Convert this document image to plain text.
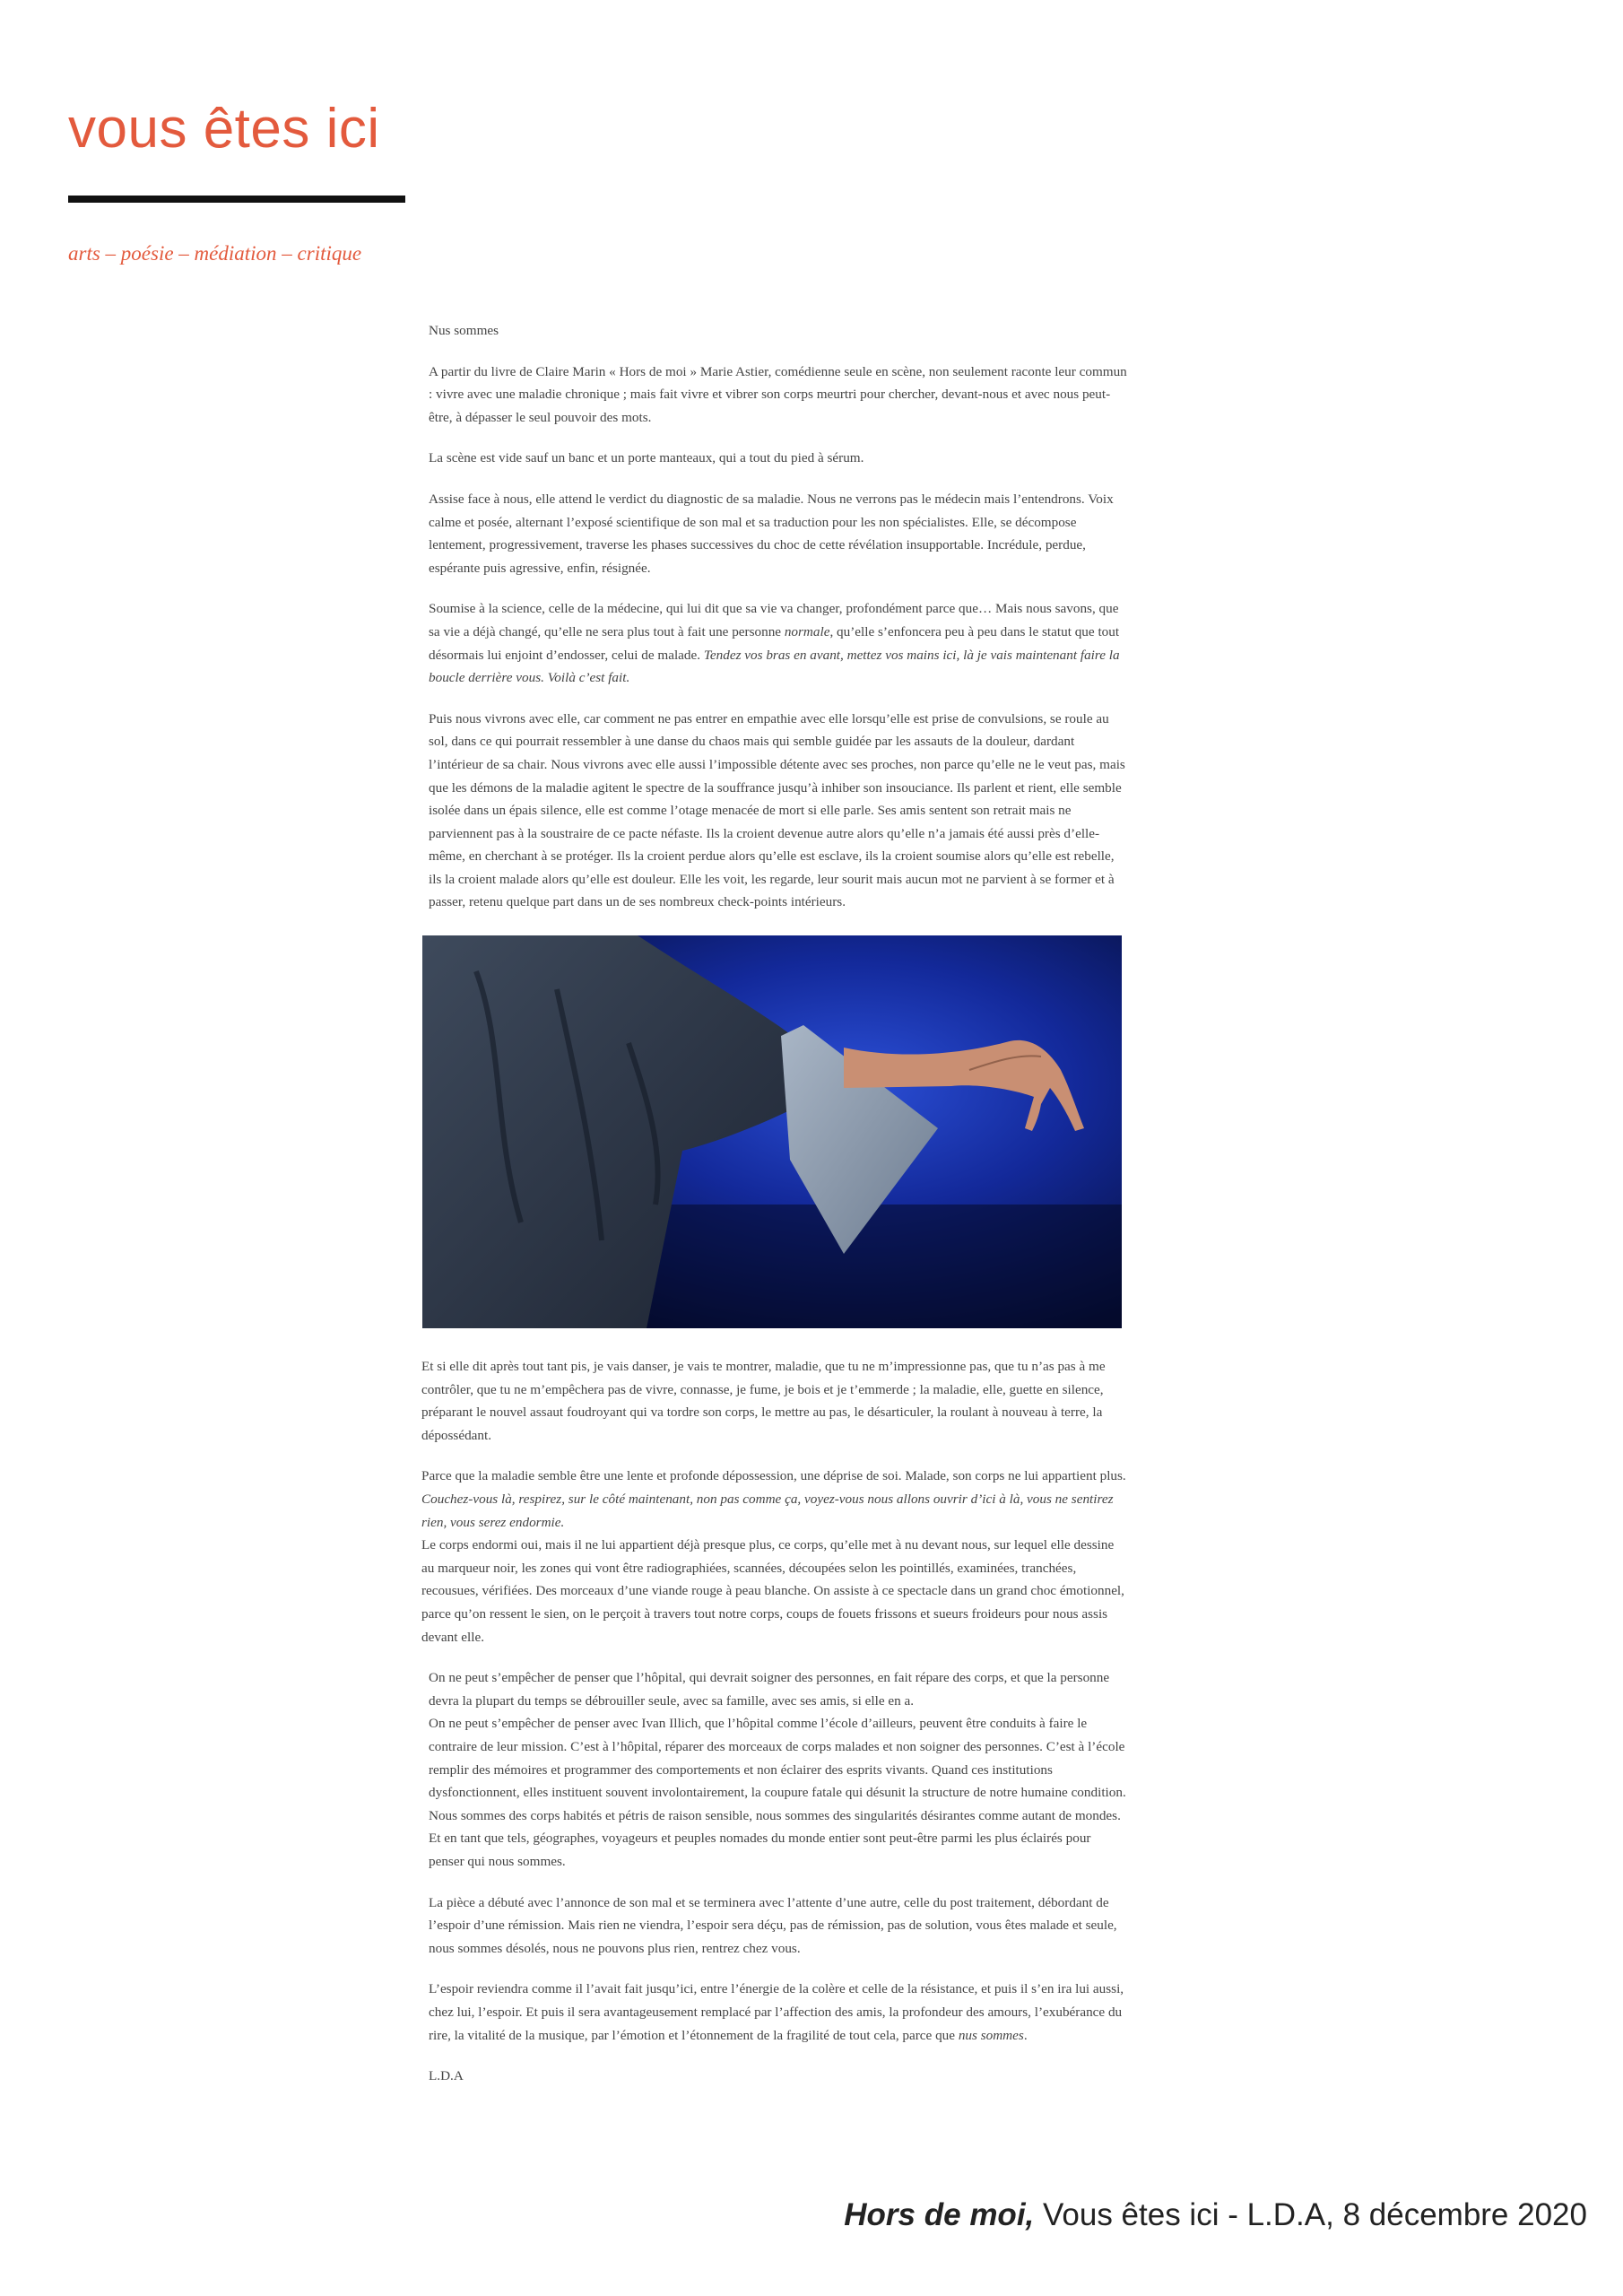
vous êtes ici
arts – poésie – médiation – critique

Nus sommes

A partir du livre de Claire Marin « Hors de moi » Marie Astier, comédienne seule en scène, non seulement raconte leur commun : vivre avec une maladie chronique ; mais fait vivre et vibrer son corps meurtri pour chercher, devant-nous et avec nous peut-être, à dépasser le seul pouvoir des mots.

La scène est vide sauf un banc et un porte manteaux, qui a tout du pied à sérum.

Assise face à nous, elle attend le verdict du diagnostic de sa maladie. Nous ne verrons pas le médecin mais l’entendrons. Voix calme et posée, alternant l’exposé scientifique de son mal et sa traduction pour les non spécialistes. Elle, se décompose lentement, progressivement, traverse les phases successives du choc de cette révélation insupportable. Incrédule, perdue, espérante puis agressive, enfin, résignée.

Soumise à la science, celle de la médecine, qui lui dit que sa vie va changer, profondément parce que… Mais nous savons, que sa vie a déjà changé, qu’elle ne sera plus tout à fait une personne normale, qu’elle s’enfoncera peu à peu dans le statut que tout désormais lui enjoint d’endosser, celui de malade. Tendez vos bras en avant, mettez vos mains ici, là je vais maintenant faire la boucle derrière vous. Voilà c’est fait.

Puis nous vivrons avec elle, car comment ne pas entrer en empathie avec elle lorsqu’elle est prise de convulsions, se roule au sol, dans ce qui pourrait ressembler à une danse du chaos mais qui semble guidée par les assauts de la douleur, dardant l’intérieur de sa chair. Nous vivrons avec elle aussi l’impossible détente avec ses proches, non parce qu’elle ne le veut pas, mais que les démons de la maladie agitent le spectre de la souffrance jusqu’à inhiber son insouciance. Ils parlent et rient, elle semble isolée dans un épais silence, elle est comme l’otage menacée de mort si elle parle. Ses amis sentent son retrait mais ne parviennent pas à la soustraire de ce pacte néfaste. Ils la croient devenue autre alors qu’elle n’a jamais été aussi près d’elle-même, en cherchant à se protéger. Ils la croient perdue alors qu’elle est esclave, ils la croient soumise alors qu’elle est rebelle, ils la croient malade alors qu’elle est douleur. Elle les voit, les regarde, leur sourit mais aucun mot ne parvient à se former et à passer, retenu quelque part dans un de ses nombreux check-points intérieurs.

Et si elle dit après tout tant pis, je vais danser, je vais te montrer, maladie, que tu ne m’impressionne pas, que tu n’as pas à me contrôler, que tu ne m’empêchera pas de vivre, connasse, je fume, je bois et je t’emmerde ; la maladie, elle, guette en silence, préparant le nouvel assaut foudroyant qui va tordre son corps, le mettre au pas, le désarticuler, la roulant à nouveau à terre, la dépossédant.

Parce que la maladie semble être une lente et profonde dépossession, une déprise de soi. Malade, son corps ne lui appartient plus. Couchez-vous là, respirez, sur le côté maintenant, non pas comme ça, voyez-vous nous allons ouvrir d’ici à là, vous ne sentirez rien, vous serez endormie.
Le corps endormi oui, mais il ne lui appartient déjà presque plus, ce corps, qu’elle met à nu devant nous, sur lequel elle dessine au marqueur noir, les zones qui vont être radiographiées, scannées, découpées selon les pointillés, examinées, tranchées, recousues, vérifiées. Des morceaux d’une viande rouge à peau blanche. On assiste à ce spectacle dans un grand choc émotionnel, parce qu’on ressent le sien, on le perçoit à travers tout notre corps, coups de fouets frissons et sueurs froideurs pour nous assis devant elle.

On ne peut s’empêcher de penser que l’hôpital, qui devrait soigner des personnes, en fait répare des corps, et que la personne devra la plupart du temps se débrouiller seule, avec sa famille, avec ses amis, si elle en a.
On ne peut s’empêcher de penser avec Ivan Illich, que l’hôpital comme l’école d’ailleurs, peuvent être conduits à faire le contraire de leur mission. C’est à l’hôpital, réparer des morceaux de corps malades et non soigner des personnes. C’est à l’école remplir des mémoires et programmer des comportements et non éclairer des esprits vivants. Quand ces institutions dysfonctionnent, elles instituent souvent involontairement, la coupure fatale qui désunit la structure de notre humaine condition. Nous sommes des corps habités et pétris de raison sensible, nous sommes des singularités désirantes comme autant de mondes. Et en tant que tels, géographes, voyageurs et peuples nomades du monde entier sont peut-être parmi les plus éclairés pour penser qui nous sommes.

La pièce a débuté avec l’annonce de son mal et se terminera avec l’attente d’une autre, celle du post traitement, débordant de l’espoir d’une rémission. Mais rien ne viendra, l’espoir sera déçu, pas de rémission, pas de solution, vous êtes malade et seule, nous sommes désolés, nous ne pouvons plus rien, rentrez chez vous.

L’espoir reviendra comme il l’avait fait jusqu’ici, entre l’énergie de la colère et celle de la résistance, et puis il s’en ira lui aussi, chez lui, l’espoir. Et puis il sera avantageusement remplacé par l’affection des amis, la profondeur des amours, l’exubérance du rire, la vitalité de la musique, par l’émotion et l’étonnement de la fragilité de tout cela, parce que nus sommes.

L.D.A

Hors de moi, Vous êtes ici - L.D.A, 8 décembre 2020
